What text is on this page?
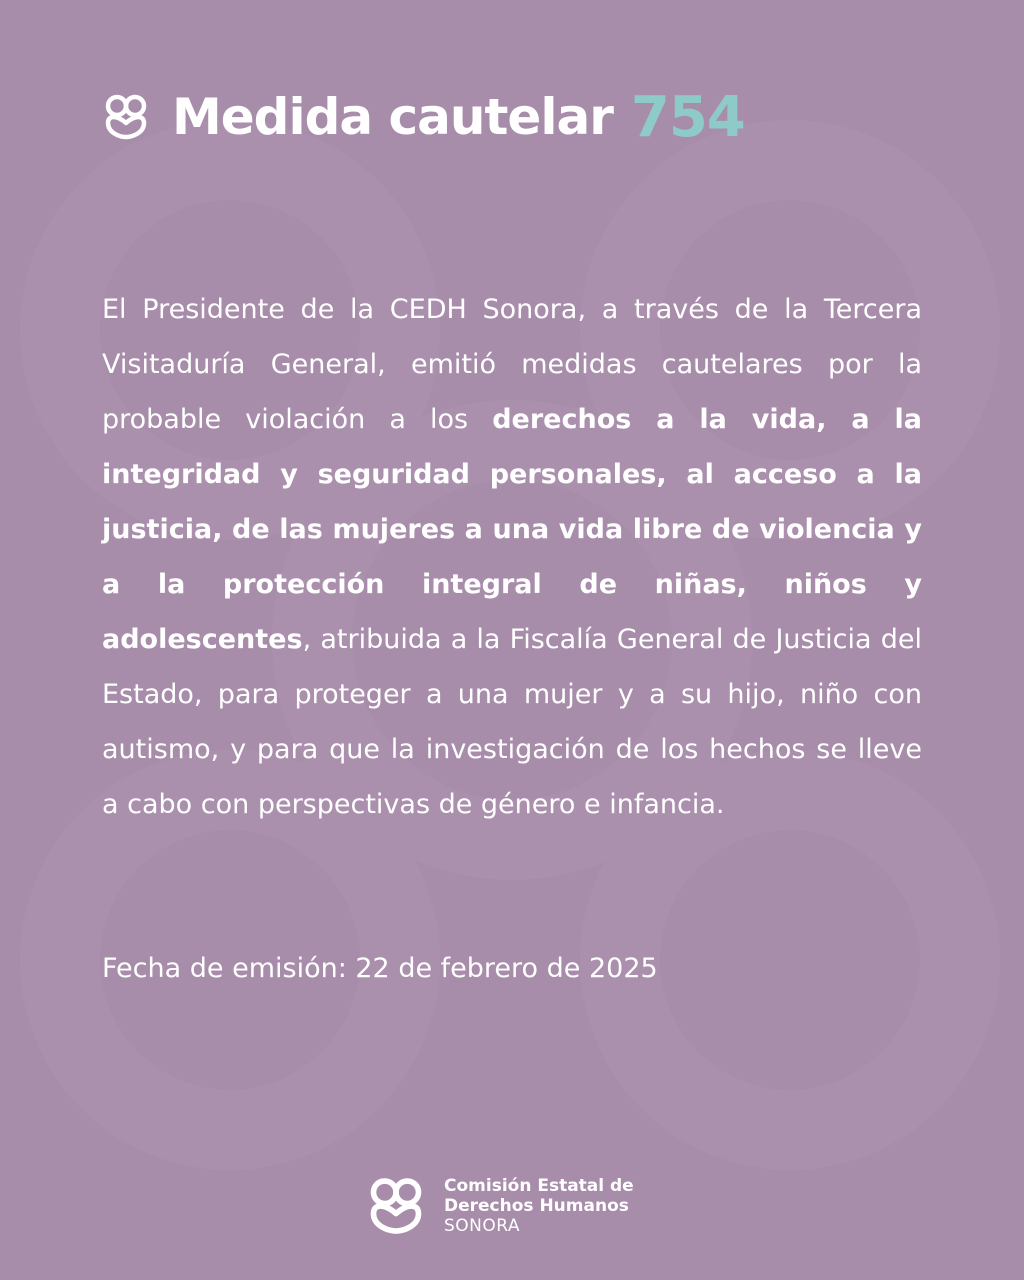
Medida cautelar 754

El Presidente de la CEDH Sonora, a través de la Tercera Visitaduría General, emitió medidas cautelares por la probable violación a los derechos a la vida, a la integridad y seguridad personales, al acceso a la justicia, de las mujeres a una vida libre de violencia y a la protección integral de niñas, niños y adolescentes, atribuida a la Fiscalía General de Justicia del Estado, para proteger a una mujer y a su hijo, niño con autismo, y para que la investigación de los hechos se lleve a cabo con perspectivas de género e infancia.

Fecha de emisión: 22 de febrero de 2025
Comisión Estatal de
Derechos Humanos
SONORA
